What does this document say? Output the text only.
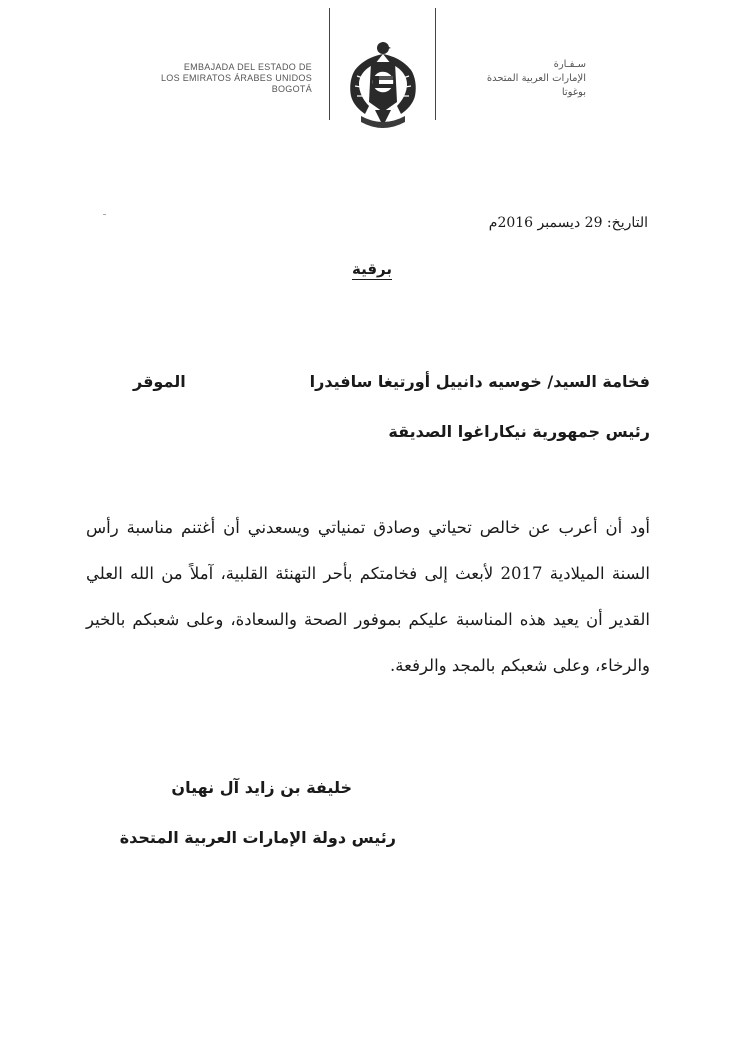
EMBAJADA DEL ESTADO DE
LOS EMIRATOS ÁRABES UNIDOS
BOGOTÁ
سـفـارة
الإمارات العربية المتحدة
بوغوتا
التاريخ: 29 ديسمبر 2016م
برقية
فخامة السيد/ خوسيه دانييل أورتيغا سافيدرا
الموقر
رئيس جمهورية نيكاراغوا الصديقة
أود أن أعرب عن خالص تحياتي وصادق تمنياتي ويسعدني أن أغتنم مناسبة رأس السنة الميلادية 2017 لأبعث إلى فخامتكم بأحر التهنئة القلبية، آملاً من الله العلي القدير أن يعيد هذه المناسبة عليكم بموفور الصحة والسعادة، وعلى شعبكم بالخير والرخاء، وعلى شعبكم بالمجد والرفعة.
خليفة بن زايد آل نهيان
رئيس دولة الإمارات العربية المتحدة
